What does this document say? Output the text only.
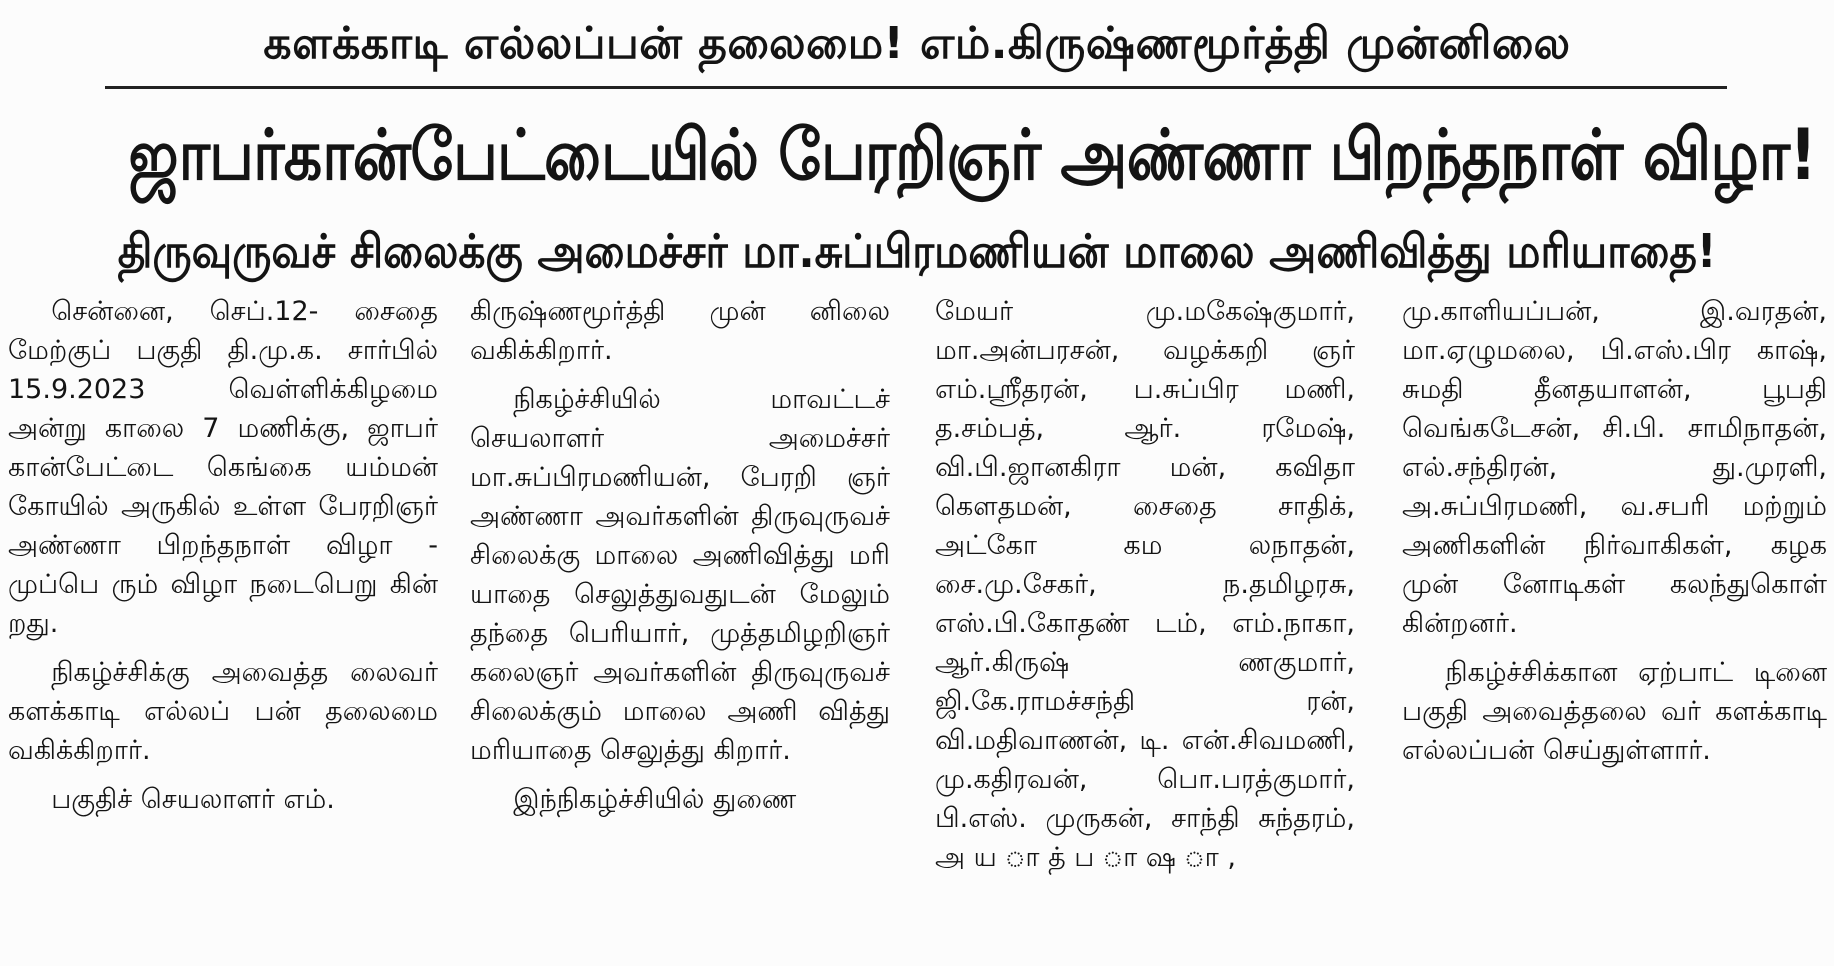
களக்காடி எல்லப்பன் தலைமை! எம்.கிருஷ்ணமூர்த்தி முன்னிலை
ஜாபர்கான்பேட்டையில் பேரறிஞர் அண்ணா பிறந்தநாள் விழா!
திருவுருவச் சிலைக்கு அமைச்சர் மா.சுப்பிரமணியன் மாலை அணிவித்து மரியாதை!

சென்னை, செப்.12- சைதை மேற்குப் பகுதி தி.மு.க. சார்பில் 15.9.2023 வெள்ளிக்கிழமை அன்று காலை 7 மணிக்கு, ஜாபர் கான்பேட்டை கெங்கை யம்மன் கோயில் அருகில் உள்ள பேரறிஞர் அண்ணா பிறந்தநாள் விழா - முப்பெ ரும் விழா நடைபெறு கின் றது.

நிகழ்ச்சிக்கு அவைத்த லைவர் களக்காடி எல்லப் பன் தலைமை வகிக்கிறார்.

பகுதிச் செயலாளர் எம்.

கிருஷ்ணமூர்த்தி முன் னிலை வகிக்கிறார்.

நிகழ்ச்சியில் மாவட்டச் செயலாளர் அமைச்சர் மா.சுப்பிரமணியன், பேரறி ஞர் அண்ணா அவர்களின் திருவுருவச் சிலைக்கு மாலை அணிவித்து மரி யாதை செலுத்துவதுடன் மேலும் தந்தை பெரியார், முத்தமிழறிஞர் கலைஞர் அவர்களின் திருவுருவச் சிலைக்கும் மாலை அணி வித்து மரியாதை செலுத்து கிறார்.

இந்நிகழ்ச்சியில் துணை

மேயர் மு.மகேஷ்குமார், மா.அன்பரசன், வழக்கறி ஞர் எம்.ஸ்ரீதரன், ப.சுப்பிர மணி, த.சம்பத், ஆர். ரமேஷ், வி.பி.ஜானகிரா மன், கவிதா கௌதமன், சைதை சாதிக், அட்கோ கம லநாதன், சை.மு.சேகர், ந.தமிழரசு, எஸ்.பி.கோதண் டம், எம்.நாகா, ஆர்.கிருஷ் ணகுமார், ஜி.கே.ராமச்சந்தி ரன், வி.மதிவாணன், டி. என்.சிவமணி, மு.கதிரவன், பொ.பரத்குமார், பி.எஸ். முருகன், சாந்தி சுந்தரம், அ ய ா த் ப ா ஷ ா ,

மு.காளியப்பன், இ.வரதன், மா.ஏழுமலை, பி.எஸ்.பிர காஷ், சுமதி தீனதயாளன், பூபதி வெங்கடேசன், சி.பி. சாமிநாதன், எல்.சந்திரன், து.முரளி, அ.சுப்பிரமணி, வ.சபரி மற்றும் அணிகளின் நிர்வாகிகள், கழக முன் னோடிகள் கலந்துகொள் கின்றனர்.

நிகழ்ச்சிக்கான ஏற்பாட் டினை பகுதி அவைத்தலை வர் களக்காடி எல்லப்பன் செய்துள்ளார்.
